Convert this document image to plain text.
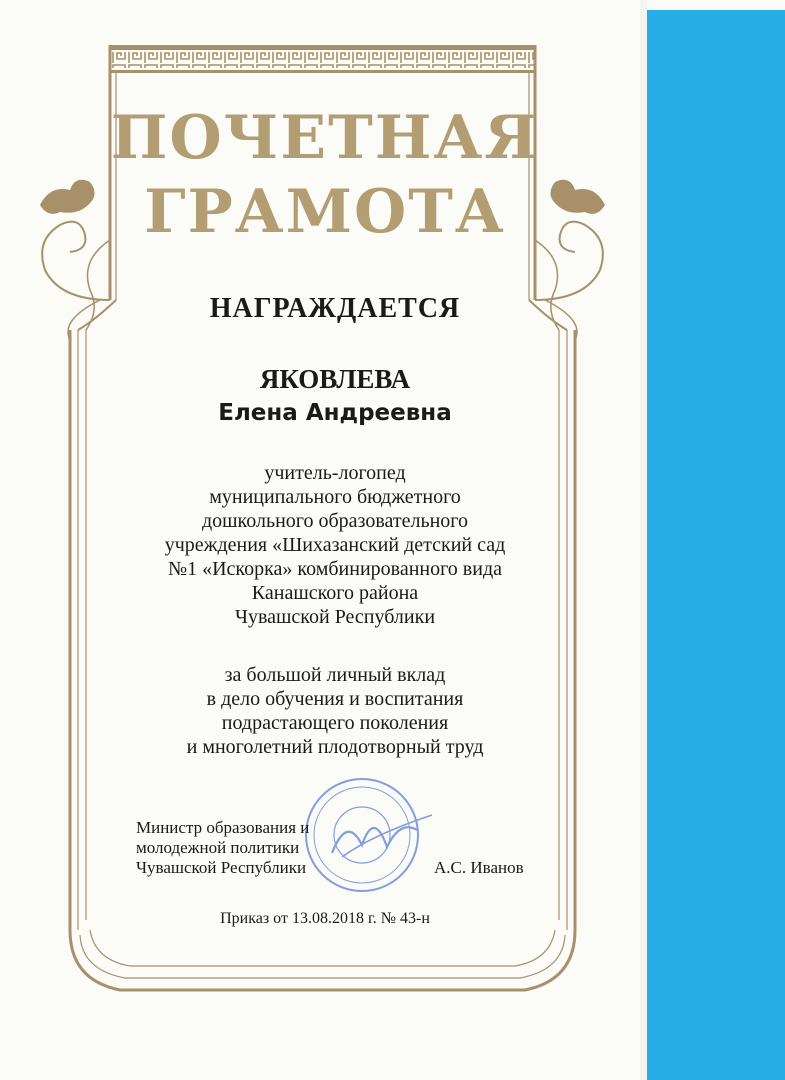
ПОЧЕТНАЯ
ГРАМОТА

НАГРАЖДАЕТСЯ

ЯКОВЛЕВА

Елена Андреевна

учитель-логопед
муниципального бюджетного
дошкольного образовательного
учреждения «Шихазанский детский сад
№1 «Искорка» комбинированного вида
Канашского района
Чувашской Республики
за большой личный вклад
в дело обучения и воспитания
подрастающего поколения
и многолетний плодотворный труд
Министр образования и
молодежной политики
Чувашской Республики	А.С. Иванов

Приказ от 13.08.2018 г. № 43-н
